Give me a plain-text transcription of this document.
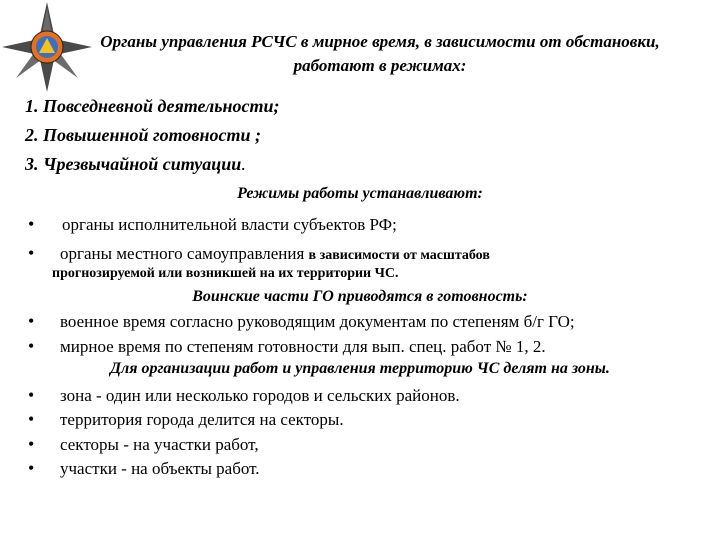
Органы управления РСЧС в мирное время, в зависимости от обстановки, работают в режимах:
1. Повседневной деятельности;
2. Повышенной готовности ;
3. Чрезвычайной ситуации.
Режимы работы устанавливают:
• органы исполнительной власти субъектов РФ;
• органы местного самоуправления в зависимости от масштабов
прогнозируемой или возникшей на их территории ЧС.
Воинские части ГО приводятся в готовность:
• военное время согласно руководящим документам по степеням б/г ГО;
• мирное время по степеням готовности для вып. спец. работ № 1, 2.
Для организации работ и управления территорию ЧС делят на зоны.
• зона - один или несколько городов и сельских районов.
• территория города делится на секторы.
• секторы - на участки работ,
• участки - на объекты работ.
